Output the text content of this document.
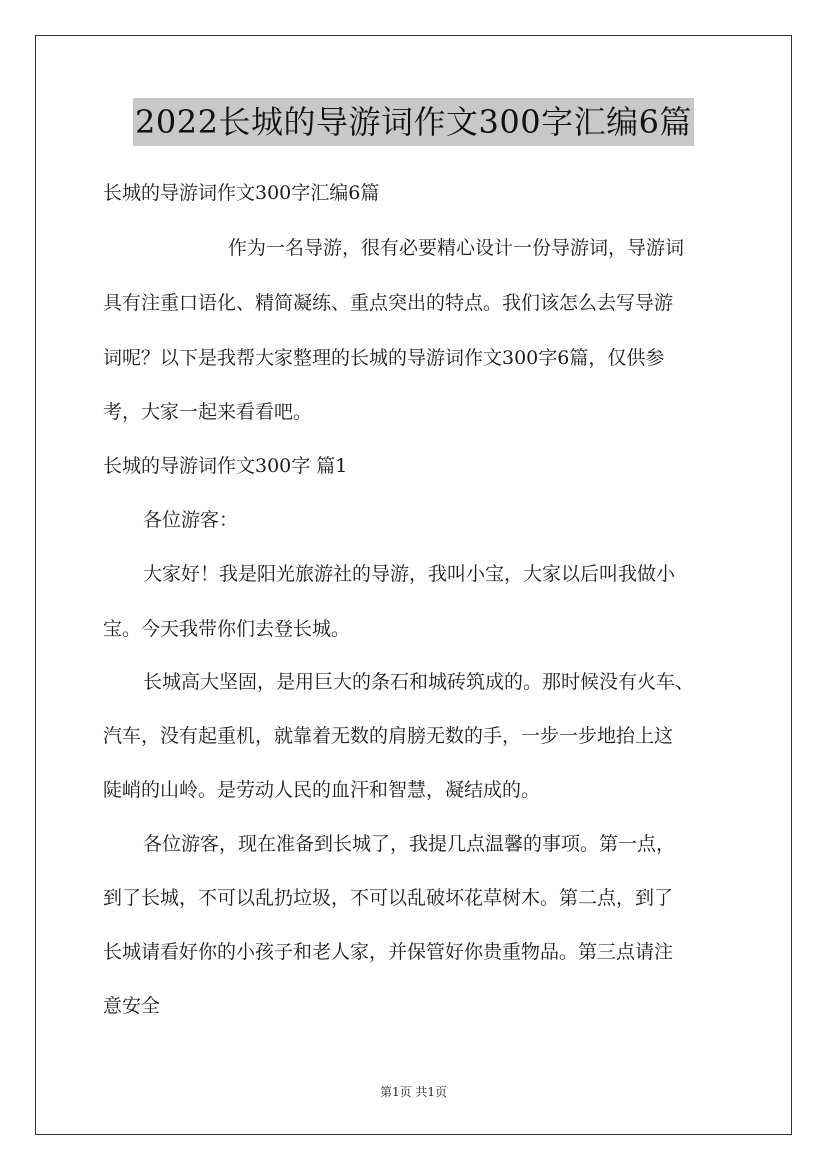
2022长城的导游词作文300字汇编6篇
长城的导游词作文300字汇编6篇
作为一名导游，很有必要精心设计一份导游词，导游词
具有注重口语化、精简凝练、重点突出的特点。我们该怎么去写导游
词呢？以下是我帮大家整理的长城的导游词作文300字6篇，仅供参
考，大家一起来看看吧。
长城的导游词作文300字 篇1
各位游客：
大家好！我是阳光旅游社的导游，我叫小宝，大家以后叫我做小
宝。今天我带你们去登长城。
长城高大坚固，是用巨大的条石和城砖筑成的。那时候没有火车、
汽车，没有起重机，就靠着无数的肩膀无数的手，一步一步地抬上这
陡峭的山岭。是劳动人民的血汗和智慧，凝结成的。
各位游客，现在准备到长城了，我提几点温馨的事项。第一点，
到了长城，不可以乱扔垃圾，不可以乱破坏花草树木。第二点，到了
长城请看好你的小孩子和老人家，并保管好你贵重物品。第三点请注
意安全
第1页 共1页
